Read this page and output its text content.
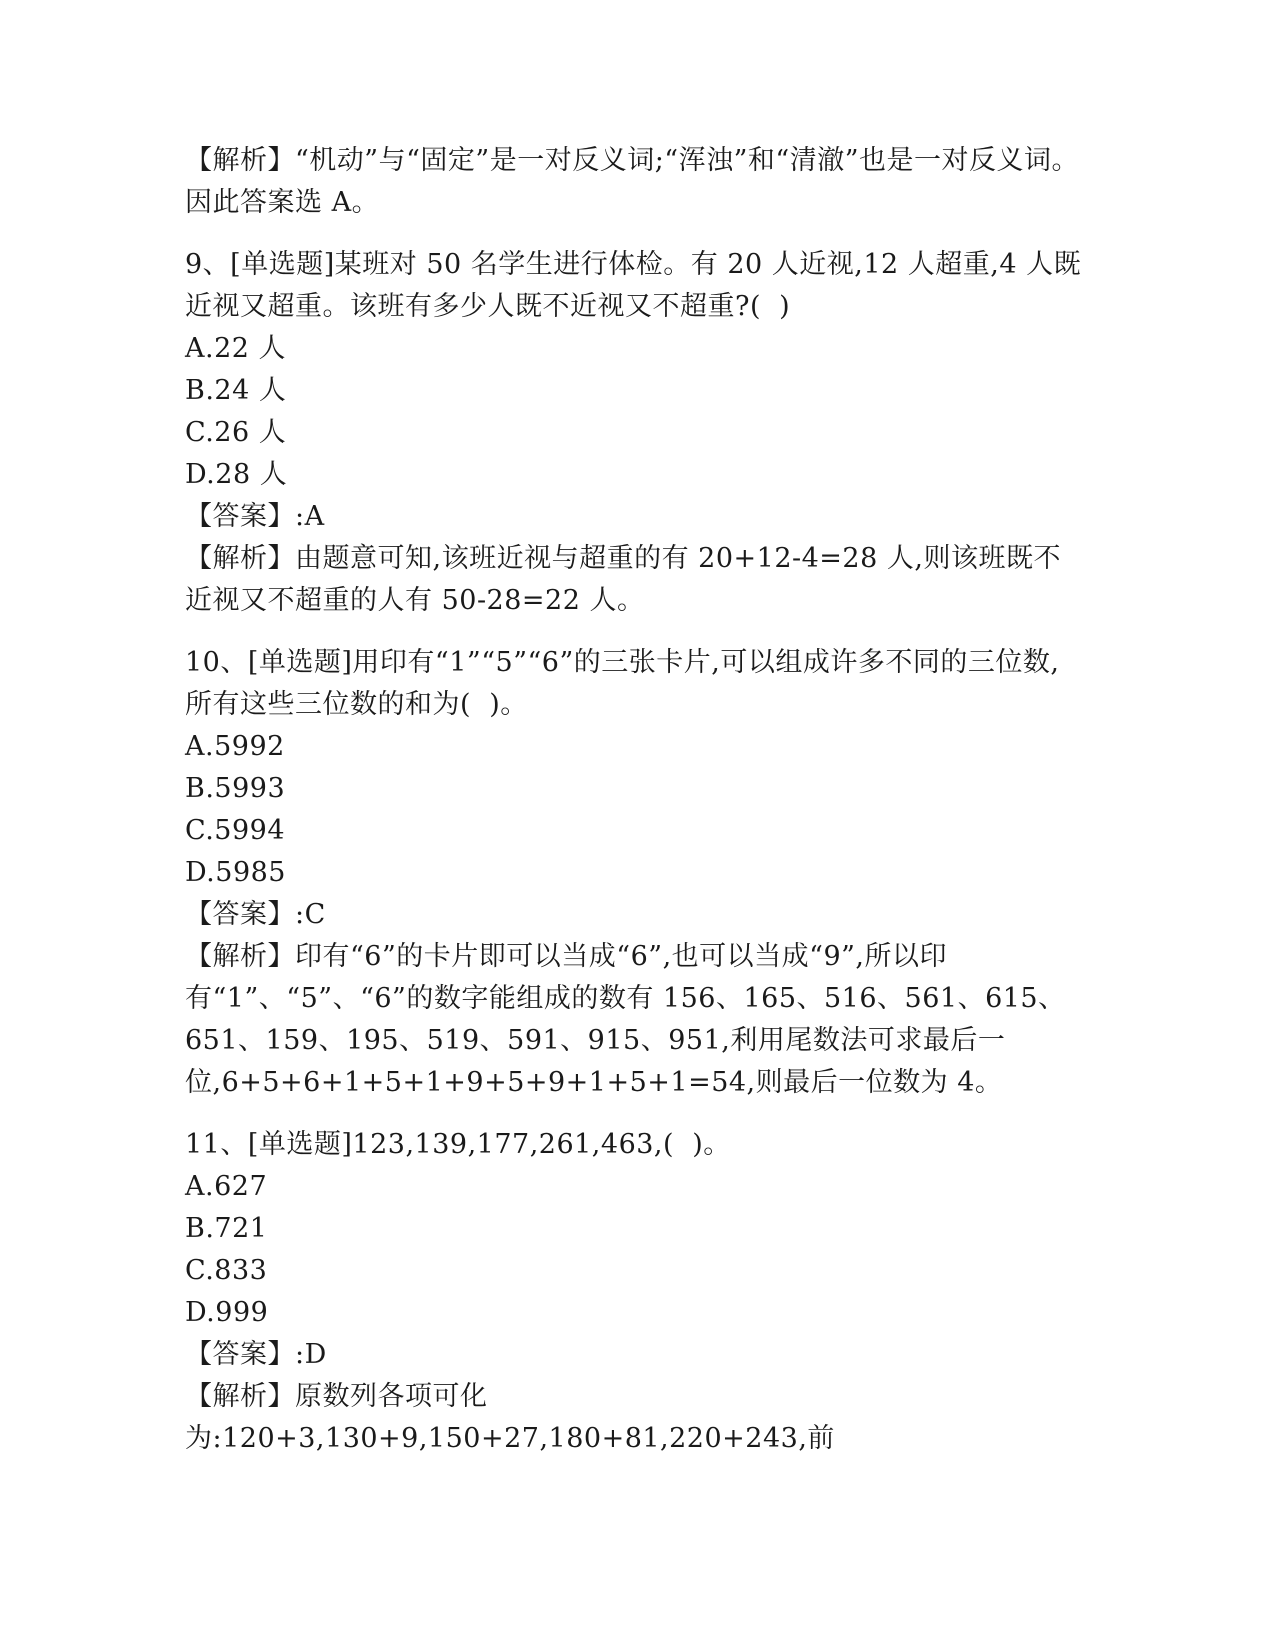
【解析】“机动”与“固定”是一对反义词;“浑浊”和“清澈”也是一对反义词。因此答案选 A。

9、[单选题]某班对 50 名学生进行体检。有 20 人近视,12 人超重,4 人既近视又超重。该班有多少人既不近视又不超重?(  )

A.22 人

B.24 人

C.26 人

D.28 人

【答案】:A

【解析】由题意可知,该班近视与超重的有 20+12-4=28 人,则该班既不近视又不超重的人有 50-28=22 人。

10、[单选题]用印有“1”“5”“6”的三张卡片,可以组成许多不同的三位数,所有这些三位数的和为(  )。

A.5992

B.5993

C.5994

D.5985

【答案】:C

【解析】印有“6”的卡片即可以当成“6”,也可以当成“9”,所以印有“1”、“5”、“6”的数字能组成的数有 156、165、516、561、615、651、159、195、519、591、915、951,利用尾数法可求最后一位,6+5+6+1+5+1+9+5+9+1+5+1=54,则最后一位数为 4。

11、[单选题]123,139,177,261,463,(  )。

A.627

B.721

C.833

D.999

【答案】:D

【解析】原数列各项可化为:120+3,130+9,150+27,180+81,220+243,前
